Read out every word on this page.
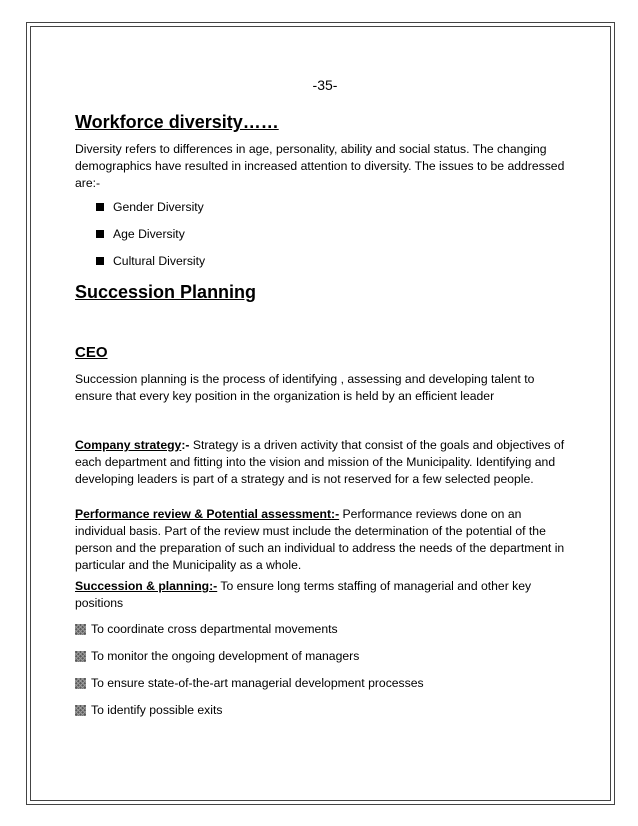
-35-
Workforce diversity……
Diversity refers to differences in age, personality, ability and social status. The changing demographics have resulted in increased attention to diversity. The issues to be addressed are:-
Gender Diversity
Age Diversity
Cultural Diversity
Succession Planning
CEO
Succession planning is the process of identifying , assessing and developing talent to ensure that every key position in the organization is held by an efficient leader
Company strategy:- Strategy is a driven activity that consist of the goals and objectives of each department and fitting into the vision and mission of the Municipality. Identifying and developing leaders is part of a strategy and is not reserved for a few selected people.
Performance review & Potential assessment:- Performance reviews done on an individual basis. Part of the review must include the determination of the potential of the person and the preparation of such an individual to address the needs of the department in particular and the Municipality as a whole.
Succession & planning:- To ensure long terms staffing of managerial and other key positions
To coordinate cross departmental movements
To monitor the ongoing development of managers
To ensure state-of-the-art managerial development processes
To identify possible exits
